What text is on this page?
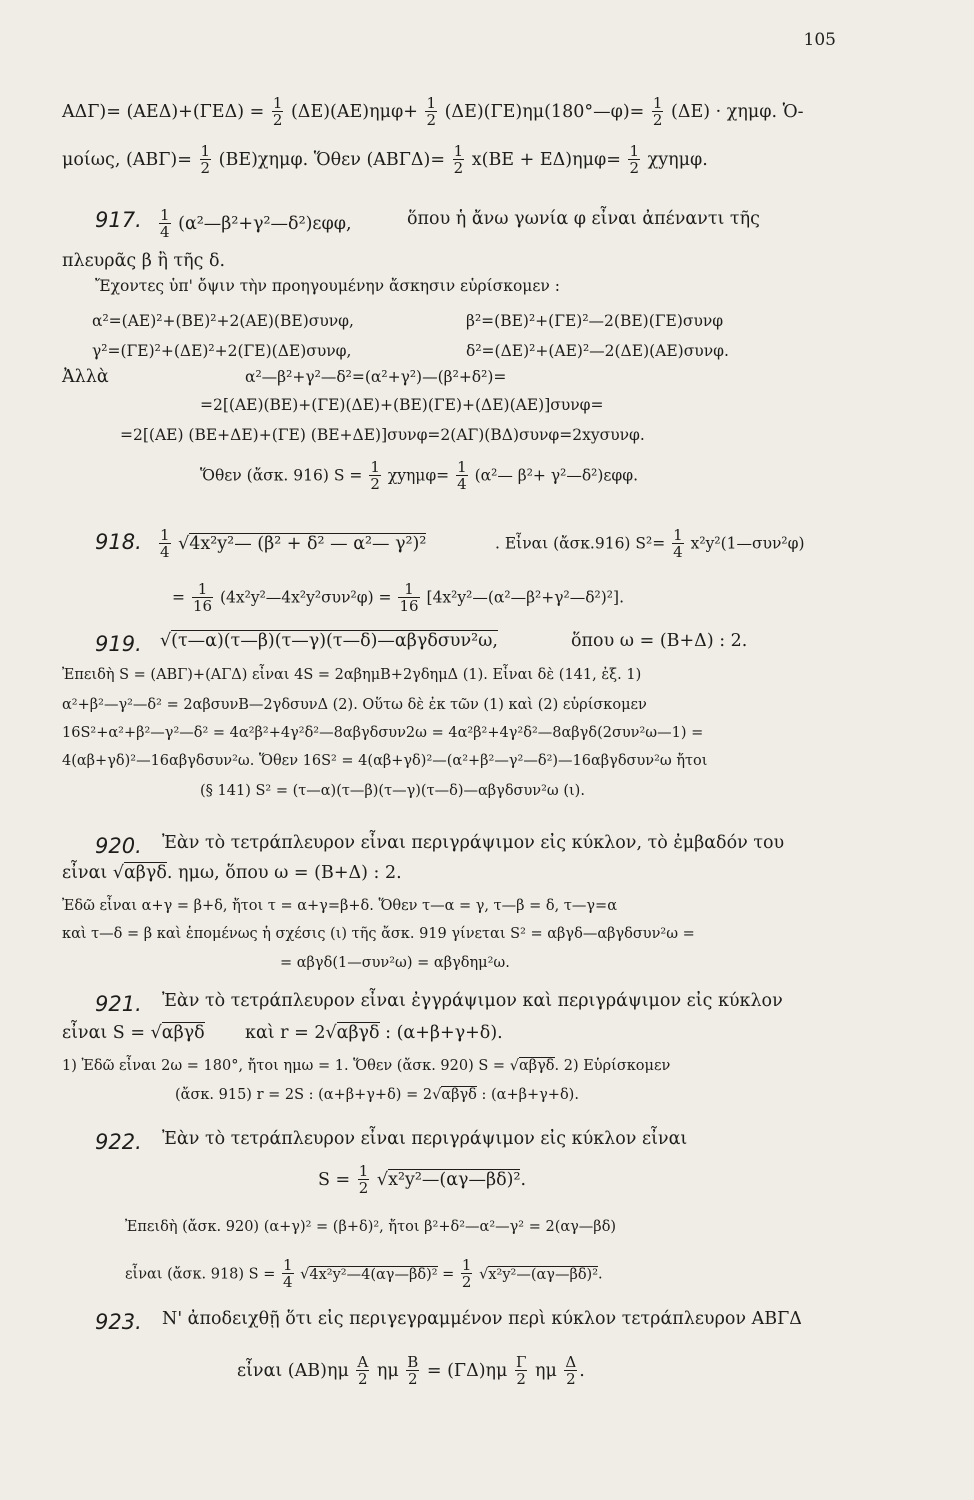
105
$A\Delta\Gamma)= (AE\Delta)+(\Gamma E\Delta) = \frac{1}{2} (\Delta E)(AE)\eta\mu\varphi+ \frac{1}{2}$ (ΔΕ)(ΓΕ)ημ(180°—φ)= $\frac{1}{2} (\Delta E) \cdot \chi\eta\mu\varphi$. Ὁ-
μοίως, $(AB\Gamma)= \frac{1}{2} (BE)\chi\eta\mu\varphi$. Ὅθεν $(AB\Gamma\Delta)= \frac{1}{2} x(BE + E\Delta)\eta\mu\varphi= \frac{1}{2} \chi y\eta\mu\varphi$.
917. $\frac{1}{4}$ (α²—β²+γ²—δ²)εφφ,	ὅπου ἡ ἄνω γωνία φ εἶναι ἀπέναντι τῆς
πλευρᾶς β ἢ τῆς δ.
Ἔχοντες ὑπ' ὄψιν τὴν προηγουμένην ἄσκησιν εὑρίσκομεν :
α²=(ΑΕ)²+(ΒΕ)²+2(ΑΕ)(ΒΕ)συνφ,	β²=(ΒΕ)²+(ΓΕ)²—2(ΒΕ)(ΓΕ)συνφ
γ²=(ΓΕ)²+(ΔΕ)²+2(ΓΕ)(ΔΕ)συνφ,	δ²=(ΔΕ)²+(ΑΕ)²—2(ΔΕ)(ΑΕ)συνφ.
Ἀλλὰ	α²—β²+γ²—δ²=(α²+γ²)—(β²+δ²)=
=2[(ΑΕ)(ΒΕ)+(ΓΕ)(ΔΕ)+(ΒΕ)(ΓΕ)+(ΔΕ)(ΑΕ)]συνφ=
=2[(ΑΕ) (ΒΕ+ΔΕ)+(ΓΕ) (ΒΕ+ΔΕ)]συνφ=2(ΑΓ)(ΒΔ)συνφ=2xyσυνφ.
Ὅθεν (ἄσκ. 916) $S = \frac{1}{2} \chi y\eta\mu\varphi= \frac{1}{4}$ (α²— β²+ γ²—δ²)εφφ.
918. $\frac{1}{4}$ √4x²y²— (β² + δ² — α²— γ²)²	. Εἶναι (ἄσκ.916) $S^2= \frac{1}{4}$ x²y²(1—συν²φ)
= $\frac{1}{16}$ (4x²y²—4x²y²συν²φ) = $\frac{1}{16}$ [4x²y²—(α²—β²+γ²—δ²)²].
919. √(τ—α)(τ—β)(τ—γ)(τ—δ)—αβγδσυν²ω,	ὅπου ω = (Β+Δ) : 2.
Ἐπειδὴ S = (ΑΒΓ)+(ΑΓΔ) εἶναι 4S = 2αβημΒ+2γδημΔ (1). Εἶναι δὲ (141, ἐξ. 1)
α²+β²—γ²—δ² = 2αβσυνΒ—2γδσυνΔ (2). Οὕτω δὲ ἐκ τῶν (1) καὶ (2) εὑρίσκομεν
16S²+α²+β²—γ²—δ² = 4α²β²+4γ²δ²—8αβγδσυν2ω = 4α²β²+4γ²δ²—8αβγδ(2συν²ω—1) =
4(αβ+γδ)²—16αβγδσυν²ω. Ὅθεν 16S² = 4(αβ+γδ)²—(α²+β²—γ²—δ²)—16αβγδσυν²ω ἤτοι
(§ 141) S² = (τ—α)(τ—β)(τ—γ)(τ—δ)—αβγδσυν²ω (ι).
920. Ἐὰν τὸ τετράπλευρον εἶναι περιγράψιμον εἰς κύκλον, τὸ ἐμβαδόν του
εἶναι √αβγδ. ημω, ὅπου ω = (Β+Δ) : 2.
Ἐδῶ εἶναι α+γ = β+δ, ἤτοι τ = α+γ=β+δ. Ὅθεν τ—α = γ, τ—β = δ, τ—γ=α
καὶ τ—δ = β καὶ ἑπομένως ἡ σχέσις (ι) τῆς ἄσκ. 919 γίνεται S² = αβγδ—αβγδσυν²ω =
= αβγδ(1—συν²ω) = αβγδημ²ω.
921. Ἐὰν τὸ τετράπλευρον εἶναι ἐγγράψιμον καὶ περιγράψιμον εἰς κύκλον
εἶναι S = √αβγδ καὶ r = 2√αβγδ : (α+β+γ+δ).
1) Ἐδῶ εἶναι 2ω = 180°, ἤτοι ημω = 1. Ὅθεν (ἄσκ. 920) S = √αβγδ. 2) Εὑρίσκομεν
(ἄσκ. 915) r = 2S : (α+β+γ+δ) = 2√αβγδ : (α+β+γ+δ).
922. Ἐὰν τὸ τετράπλευρον εἶναι περιγράψιμον εἰς κύκλον εἶναι
$S = \frac{1}{2}$ √x²y²—(αγ—βδ)².
Ἐπειδὴ (ἄσκ. 920) (α+γ)² = (β+δ)², ἤτοι β²+δ²—α²—γ² = 2(αγ—βδ)
εἶναι (ἄσκ. 918) $S = \frac{1}{4}$ √4x²y²—4(αγ—βδ)² = $\frac{1}{2}$ √x²y²—(αγ—βδ)².
923. Ν' ἀποδειχθῇ ὅτι εἰς περιγεγραμμένον περὶ κύκλον τετράπλευρον ΑΒΓΔ
εἶναι $(AB)\eta\mu \frac{A}{2}$ ημ $\frac{B}{2} = (\Gamma\Delta)\eta\mu \frac{\Gamma}{2}$ ημ $\frac{\Delta}{2}$ .
